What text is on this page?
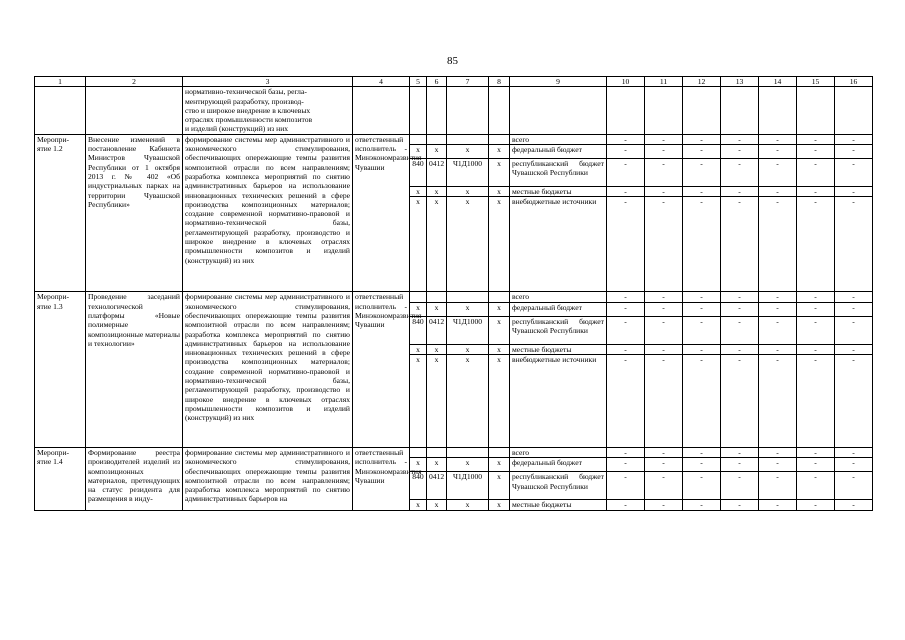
85
1	2	3	4	5	6	7	8	9	10	11	12	13	14	15	16
		нормативно-технической базы, регла-
ментирующей разработку, производ-
ство и широкое внедрение в ключевых
отраслях промышленности композитов
и изделий (конструкций) из них													
Меропри-
ятие 1.2	Внесение изменений в постановление Кабинета Министров Чувашской Республики от 1 октября 2013 г. № 402 «Об индустриальных парках на территории Чувашской Республики»	формирование системы мер административного и экономического стимулирования, обеспечивающих опережающие темпы развития композитной отрасли по всем направлениям; разработка комплекса мероприятий по снятию административных барьеров на использование инновационных технических решений в сфере производства композиционных материалов; создание современной нормативно-правовой и нормативно-технической базы, регламентирующей разработку, производство и широкое внедрение в ключевых отраслях промышленности композитов и изделий (конструкций) из них	ответственный исполнитель - Минэкономразвития Чувашии					всего	-	-	-	-	-	-	-
				x	x	x	x	федеральный бюджет	-	-	-	-	-	-	-
				840	0412	Ч1Д1000	x	республиканский бюджет Чувашской Республики	-	-	-	-	-	-	-
				x	x	x	x	местные бюджеты	-	-	-	-	-	-	-
				x	x	x	x	внебюджетные источники	-	-	-	-	-	-	-
Меропри-
ятие 1.3	Проведение заседаний технологической платформы «Новые полимерные композиционные материалы и технологии»	формирование системы мер административного и экономического стимулирования, обеспечивающих опережающие темпы развития композитной отрасли по всем направлениям; разработка комплекса мероприятий по снятию административных барьеров на использование инновационных технических решений в сфере производства композиционных материалов; создание современной нормативно-правовой и нормативно-технической базы, регламентирующей разработку, производство и широкое внедрение в ключевых отраслях промышленности композитов и изделий (конструкций) из них	ответственный исполнитель - Минэкономразвития Чувашии					всего	-	-	-	-	-	-	-
				x	x	x	x	федеральный бюджет	-	-	-	-	-	-	-
				840	0412	Ч1Д1000	x	республиканский бюджет Чувашской Республики	-	-	-	-	-	-	-
				x	x	x	x	местные бюджеты	-	-	-	-	-	-	-
				x	x	x	x	внебюджетные источники	-	-	-	-	-	-	-
Меропри-
ятие 1.4	Формирование реестра производителей изделий из композиционных материалов, претендующих на статус резидента для размещения в инду-	формирование системы мер административного и экономического стимулирования, обеспечивающих опережающие темпы развития композитной отрасли по всем направлениям; разработка комплекса мероприятий по снятию административных барьеров на	ответственный исполнитель - Минэкономразвития Чувашии					всего	-	-	-	-	-	-	-
				x	x	x	x	федеральный бюджет	-	-	-	-	-	-	-
				840	0412	Ч1Д1000	x	республиканский бюджет Чувашской Республики	-	-	-	-	-	-	-
				x	x	x	x	местные бюджеты	-	-	-	-	-	-	-
